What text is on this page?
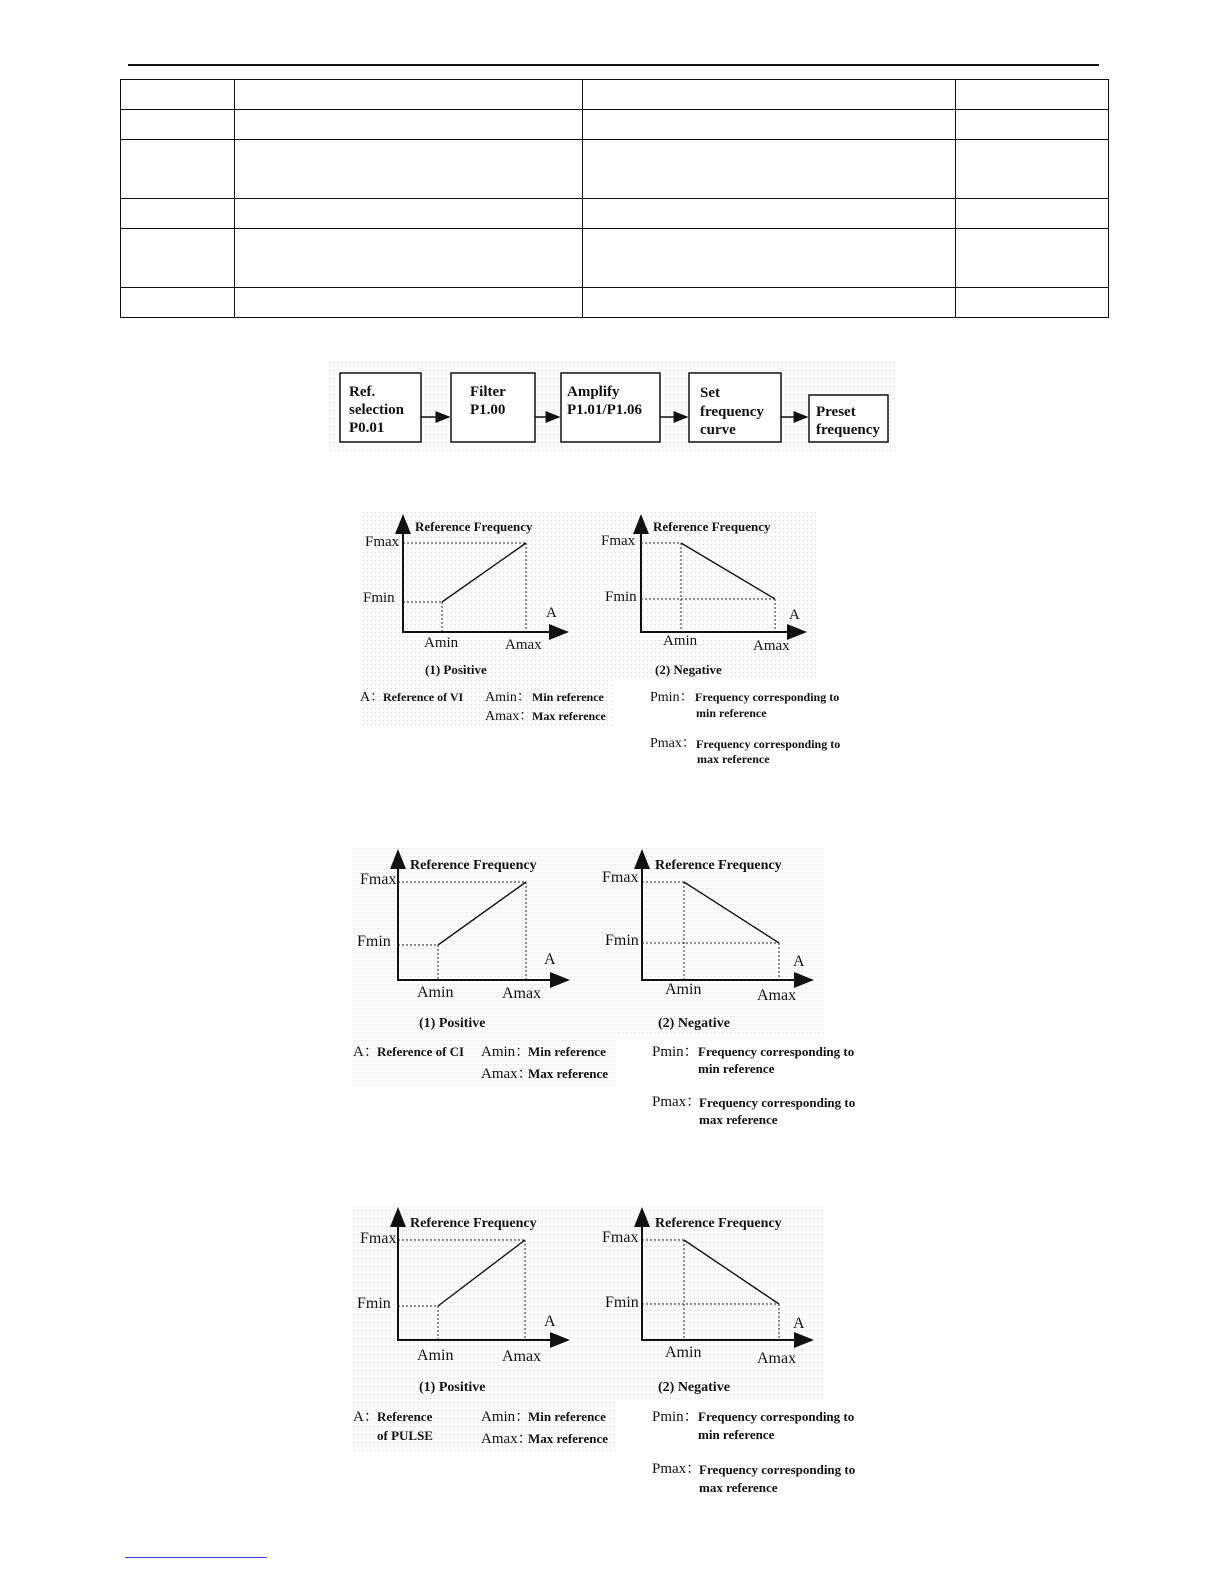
Ref.
selection
P0.01
Filter
P1.00
Amplify
P1.01/P1.06
Set
frequency
curve
Preset
frequency
Reference Frequency
Fmax
Fmin
A
Amin	Amax
(1) Positive
Reference Frequency
Fmax
Fmin
A
Amin	Amax
(2) Negative
A：
Reference of VI Amin： Min reference
Amax：
Max reference
Pmin： Frequency corresponding to
min reference
Pmax： Frequency corresponding to
max reference
Reference Frequency
Fmax
Fmin
A
Amin	Amax
(1) Positive
Reference Frequency
Fmax
Fmin
A
Amin	Amax
(2) Negative
A：
Reference of CI Amin：
Min reference
Amax：
Max reference
Pmin： Frequency corresponding to
min reference
Pmax：
Frequency corresponding to
max reference
Reference Frequency
Fmax
Fmin
A
Amin	Amax
(1) Positive
Reference Frequency
Fmax
Fmin
A
Amin	Amax
(2) Negative
A：
Reference
of PULSE
Amin：
Min reference
Amax：
Max reference
Pmin： Frequency corresponding to
min reference
Pmax：
Frequency corresponding to
max reference
